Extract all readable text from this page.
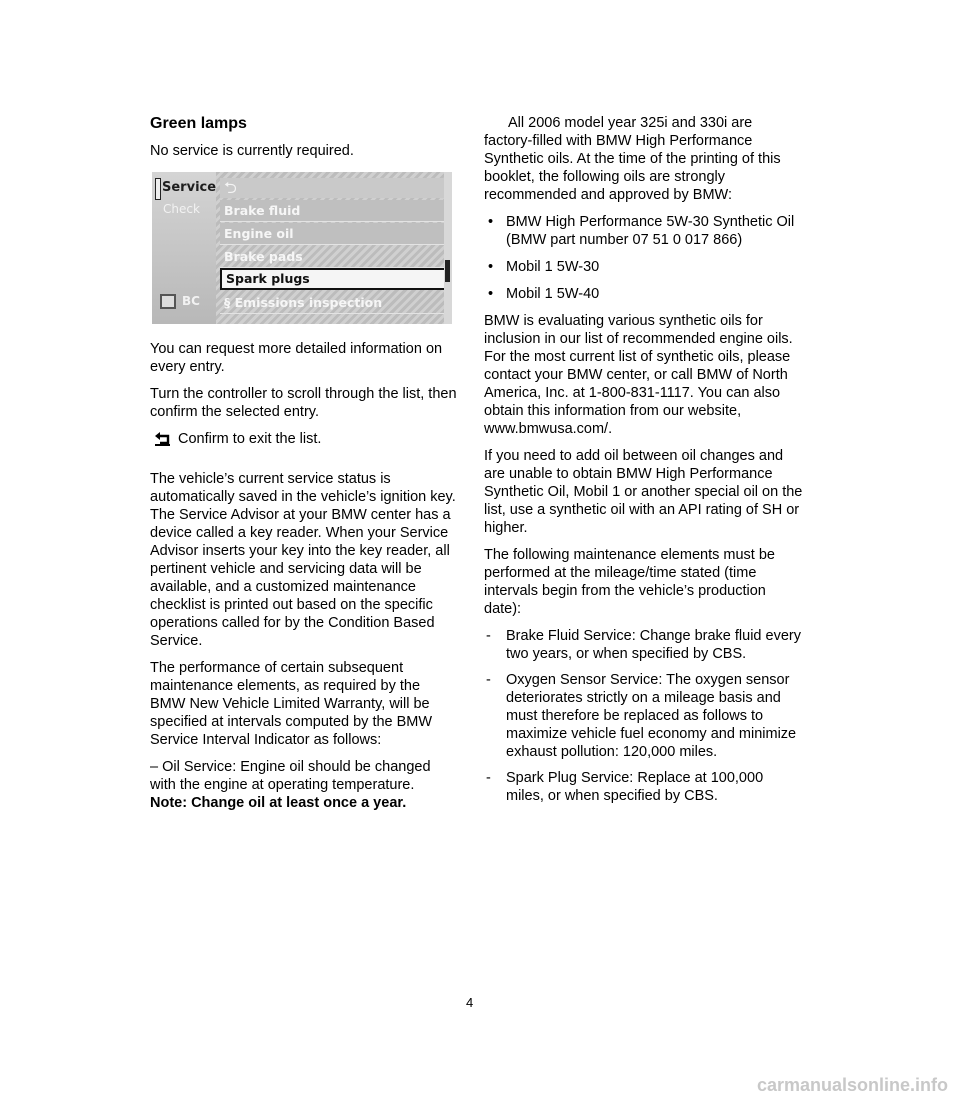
Green lamps

No service is currently required.

Service
Check
BC
⮌
Brake fluid
Engine oil
Brake pads
Spark plugs
§ Emissions inspection

You can request more detailed information on every entry.

Turn the controller to scroll through the list, then confirm the selected entry.

Confirm to exit the list.

The vehicle’s current service status is automatically saved in the vehicle’s ignition key. The Service Advisor at your BMW center has a device called a key reader. When your Service Advisor inserts your key into the key reader, all pertinent vehicle and servicing data will be available, and a customized maintenance checklist is printed out based on the specific operations called for by the Condition Based Service.

The performance of certain subsequent maintenance elements, as required by the BMW New Vehicle Limited Warranty, will be specified at intervals computed by the BMW Service Interval Indicator as follows:

– Oil Service: Engine oil should be changed with the engine at operating temperature.

Note: Change oil at least once a year.

All 2006 model year 325i and 330i are factory-filled with BMW High Performance Synthetic oils. At the time of the printing of this booklet, the following oils are strongly recommended and approved by BMW:

• BMW High Performance 5W-30 Synthetic Oil (BMW part number 07 51 0 017 866)
• Mobil 1 5W-30
• Mobil 1 5W-40

BMW is evaluating various synthetic oils for inclusion in our list of recommended engine oils. For the most current list of synthetic oils, please contact your BMW center, or call BMW of North America, Inc. at 1-800-831-1117. You can also obtain this information from our website, www.bmwusa.com/.

If you need to add oil between oil changes and are unable to obtain BMW High Performance Synthetic Oil, Mobil 1 or another special oil on the list, use a synthetic oil with an API rating of SH or higher.

The following maintenance elements must be performed at the mileage/time stated (time intervals begin from the vehicle’s production date):

- Brake Fluid Service: Change brake fluid every two years, or when specified by CBS.
- Oxygen Sensor Service: The oxygen sensor deteriorates strictly on a mileage basis and must therefore be replaced as follows to maximize vehicle fuel economy and minimize exhaust pollution: 120,000 miles.
- Spark Plug Service: Replace at 100,000 miles, or when specified by CBS.
4
carmanualsonline.info
